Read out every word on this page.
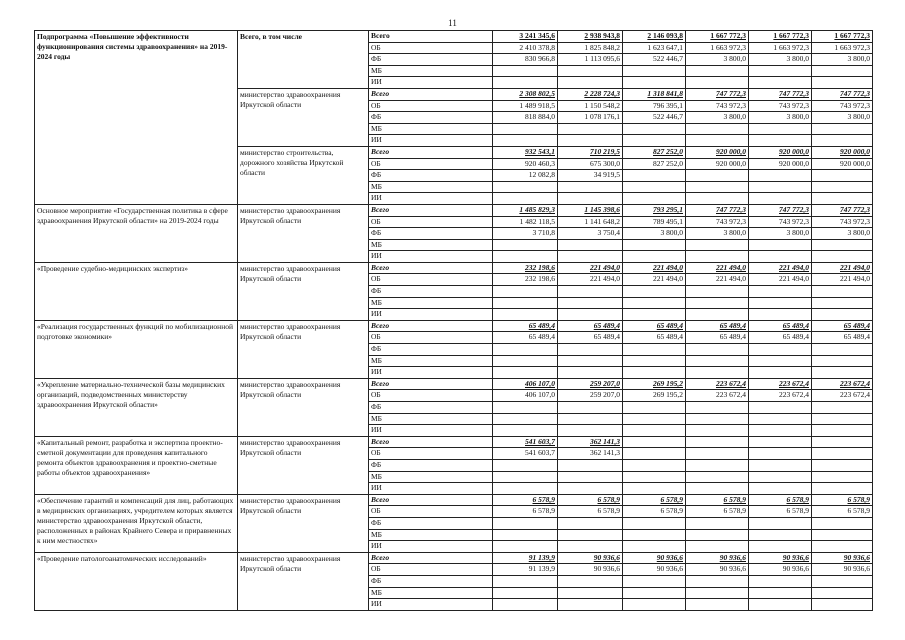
11
Подпрограмма «Повышение эффективности функционирования системы здравоохранения» на 2019-2024 годы	Всего, в том числе	Всего	3 241 345,6	2 938 943,8	2 146 093,8	1 667 772,3	1 667 772,3	1 667 772,3
		ОБ	2 410 378,8	1 825 848,2	1 623 647,1	1 663 972,3	1 663 972,3	1 663 972,3
		ФБ	830 966,8	1 113 095,6	522 446,7	3 800,0	3 800,0	3 800,0
		МБ						
		ИИ						
	министерство здравоохранения Иркутской области	Всего	2 308 802,5	2 228 724,3	1 318 841,8	747 772,3	747 772,3	747 772,3
		ОБ	1 489 918,5	1 150 548,2	796 395,1	743 972,3	743 972,3	743 972,3
		ФБ	818 884,0	1 078 176,1	522 446,7	3 800,0	3 800,0	3 800,0
		МБ						
		ИИ						
	министерство строительства, дорожного хозяйства Иркутской области	Всего	932 543,1	710 219,5	827 252,0	920 000,0	920 000,0	920 000,0
		ОБ	920 460,3	675 300,0	827 252,0	920 000,0	920 000,0	920 000,0
		ФБ	12 082,8	34 919,5				
		МБ						
		ИИ						
Основное мероприятие «Государственная политика в сфере здравоохранения Иркутской области» на 2019-2024 годы	министерство здравоохранения Иркутской области	Всего	1 485 829,3	1 145 398,6	793 295,1	747 772,3	747 772,3	747 772,3
		ОБ	1 482 118,5	1 141 648,2	789 495,1	743 972,3	743 972,3	743 972,3
		ФБ	3 710,8	3 750,4	3 800,0	3 800,0	3 800,0	3 800,0
		МБ						
		ИИ						
«Проведение судебно-медицинских экспертиз»	министерство здравоохранения Иркутской области	Всего	232 198,6	221 494,0	221 494,0	221 494,0	221 494,0	221 494,0
		ОБ	232 198,6	221 494,0	221 494,0	221 494,0	221 494,0	221 494,0
		ФБ						
		МБ						
		ИИ						
«Реализация государственных функций по мобилизационной подготовке экономики»	министерство здравоохранения Иркутской области	Всего	65 489,4	65 489,4	65 489,4	65 489,4	65 489,4	65 489,4
		ОБ	65 489,4	65 489,4	65 489,4	65 489,4	65 489,4	65 489,4
		ФБ						
		МБ						
		ИИ						
«Укрепление материально-технической базы медицинских организаций, подведомственных министерству здравоохранения Иркутской области»	министерство здравоохранения Иркутской области	Всего	406 107,0	259 207,0	269 195,2	223 672,4	223 672,4	223 672,4
		ОБ	406 107,0	259 207,0	269 195,2	223 672,4	223 672,4	223 672,4
		ФБ						
		МБ						
		ИИ						
«Капитальный ремонт, разработка и экспертиза проектно-сметной документации для проведения капитального ремонта объектов здравоохранения и проектно-сметные работы объектов здравоохранения»	министерство здравоохранения Иркутской области	Всего	541 603,7	362 141,3				
		ОБ	541 603,7	362 141,3				
		ФБ						
		МБ						
		ИИ						
«Обеспечение гарантий и компенсаций для лиц, работающих в медицинских организациях, учредителем которых является министерство здравоохранения Иркутской области, расположенных в районах Крайнего Севера и приравненных к ним местностях»	министерство здравоохранения Иркутской области	Всего	6 578,9	6 578,9	6 578,9	6 578,9	6 578,9	6 578,9
		ОБ	6 578,9	6 578,9	6 578,9	6 578,9	6 578,9	6 578,9
		ФБ						
		МБ						
		ИИ						
«Проведение патологоанатомических исследований»	министерство здравоохранения Иркутской области	Всего	91 139,9	90 936,6	90 936,6	90 936,6	90 936,6	90 936,6
		ОБ	91 139,9	90 936,6	90 936,6	90 936,6	90 936,6	90 936,6
		ФБ						
		МБ						
		ИИ						
